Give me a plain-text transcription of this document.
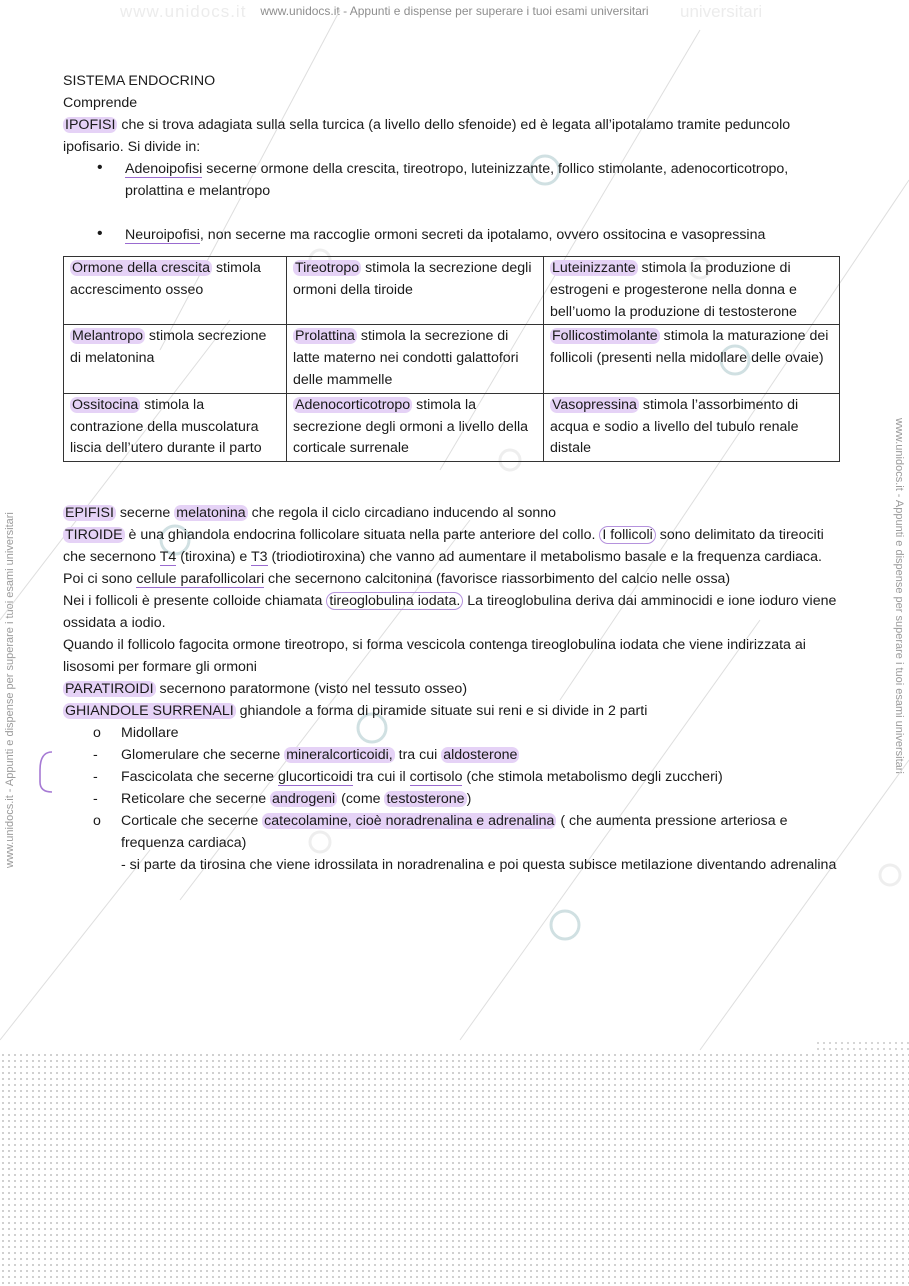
www.unidocs.it	universitari
www.unidocs.it - Appunti e dispense per superare i tuoi esami universitari
www.unidocs.it - Appunti e dispense per superare i tuoi esami universitari	www.unidocs.it - Appunti e dispense per superare i tuoi esami universitari

SISTEMA ENDOCRINO

Comprende

IPOFISI che si trova adagiata sulla sella turcica (a livello dello sfenoide) ed è legata all’ipotalamo tramite peduncolo ipofisario. Si divide in:

• Adenoipofisi secerne ormone della crescita, tireotropo, luteinizzante, follico stimolante, adenocorticotropo, prolattina e melantropo
• Neuroipofisi, non secerne ma raccoglie ormoni secreti da ipotalamo, ovvero ossitocina e vasopressina
Ormone della crescita stimola accrescimento osseo	Tireotropo stimola la secrezione degli ormoni della tiroide	Luteinizzante stimola la produzione di estrogeni e progesterone nella donna e bell’uomo la produzione di testosterone
Melantropo stimola secrezione di melatonina	Prolattina stimola la secrezione di latte materno nei condotti galattofori delle mammelle	Follicostimolante stimola la maturazione dei follicoli (presenti nella midollare delle ovaie)
Ossitocina stimola la contrazione della muscolatura liscia dell’utero durante il parto	Adenocorticotropo stimola la secrezione degli ormoni a livello della corticale surrenale	Vasopressina stimola l’assorbimento di acqua e sodio a livello del tubulo renale distale

EPIFISI secerne melatonina che regola il ciclo circadiano inducendo al sonno

TIROIDE è una ghiandola endocrina follicolare situata nella parte anteriore del collo. I follicoli sono delimitato da tireociti che secernono T4 (tiroxina) e T3 (triodiotiroxina) che vanno ad aumentare il metabolismo basale e la frequenza cardiaca.

Poi ci sono cellule parafollicolari che secernono calcitonina (favorisce riassorbimento del calcio nelle ossa)

Nei i follicoli è presente colloide chiamata tireoglobulina iodata. La tireoglobulina deriva dai amminocidi e ione ioduro viene ossidata a iodio.

Quando il follicolo fagocita ormone tireotropo, si forma vescicola contenga tireoglobulina iodata che viene indirizzata ai lisosomi per formare gli ormoni

PARATIROIDI secernono paratormone (visto nel tessuto osseo)

GHIANDOLE SURRENALI ghiandole a forma di piramide situate sui reni e si divide in 2 parti

o Midollare
- Glomerulare che secerne mineralcorticoidi, tra cui aldosterone
- Fascicolata che secerne glucorticoidi tra cui il cortisolo (che stimola metabolismo degli zuccheri)
- Reticolare che secerne androgeni (come testosterone )
o Corticale che secerne catecolamine, cioè noradrenalina e adrenalina ( che aumenta pressione arteriosa e frequenza cardiaca)
- si parte da tirosina che viene idrossilata in noradrenalina e poi questa subisce metilazione diventando adrenalina
